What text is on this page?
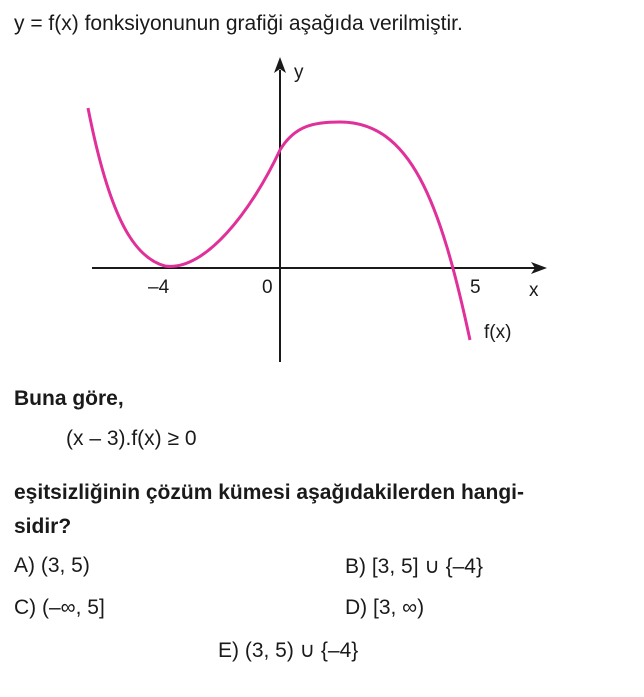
y = f(x) fonksiyonunun grafiği aşağıda verilmiştir.
y
x
0
–4	5
f(x)
Buna göre,
(x – 3).f(x) ≥ 0
eşitsizliğinin çözüm kümesi aşağıdakilerden hangi-
sidir?
A) (3, 5)	B) [3, 5] ∪ {–4}
C) (–∞, 5]	D) [3, ∞)
E) (3, 5) ∪ {–4}
